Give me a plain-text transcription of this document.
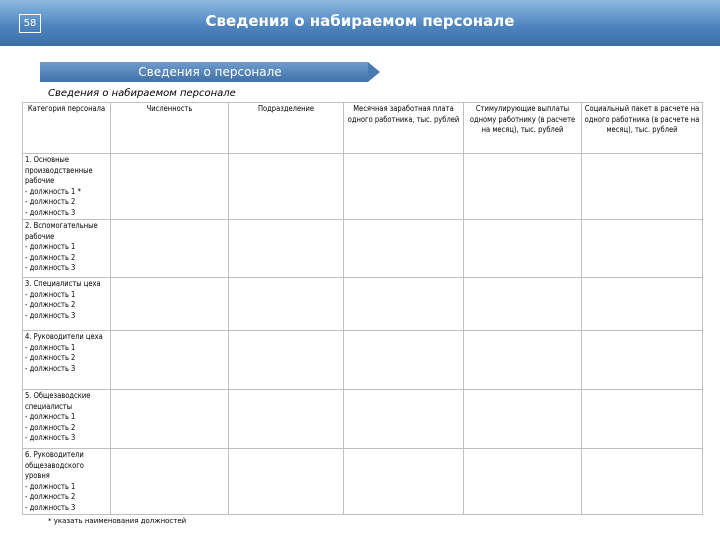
58	Сведения о набираемом персонале
Сведения о персонале
Сведения о набираемом персонале
Категория персонала	Численность	Подразделение	Месячная заработная плата одного работника, тыс. рублей	Стимулирующие выплаты одному работнику (в расчете на месяц), тыс. рублей	Социальный пакет в расчете на одного работника (в расчете на месяц), тыс. рублей
1. Основные производственные рабочие
- должность 1 *
- должность 2
- должность 3					
2. Вспомогательные рабочие
- должность 1
- должность 2
- должность 3					
3. Специалисты цеха
- должность 1
- должность 2
- должность 3					
4. Руководители цеха
- должность 1
- должность 2
- должность 3					
5. Общезаводские специалисты
- должность 1
- должность 2
- должность 3					
6. Руководители общезаводского уровня
- должность 1
- должность 2
- должность 3					
* указать наименования должностей
